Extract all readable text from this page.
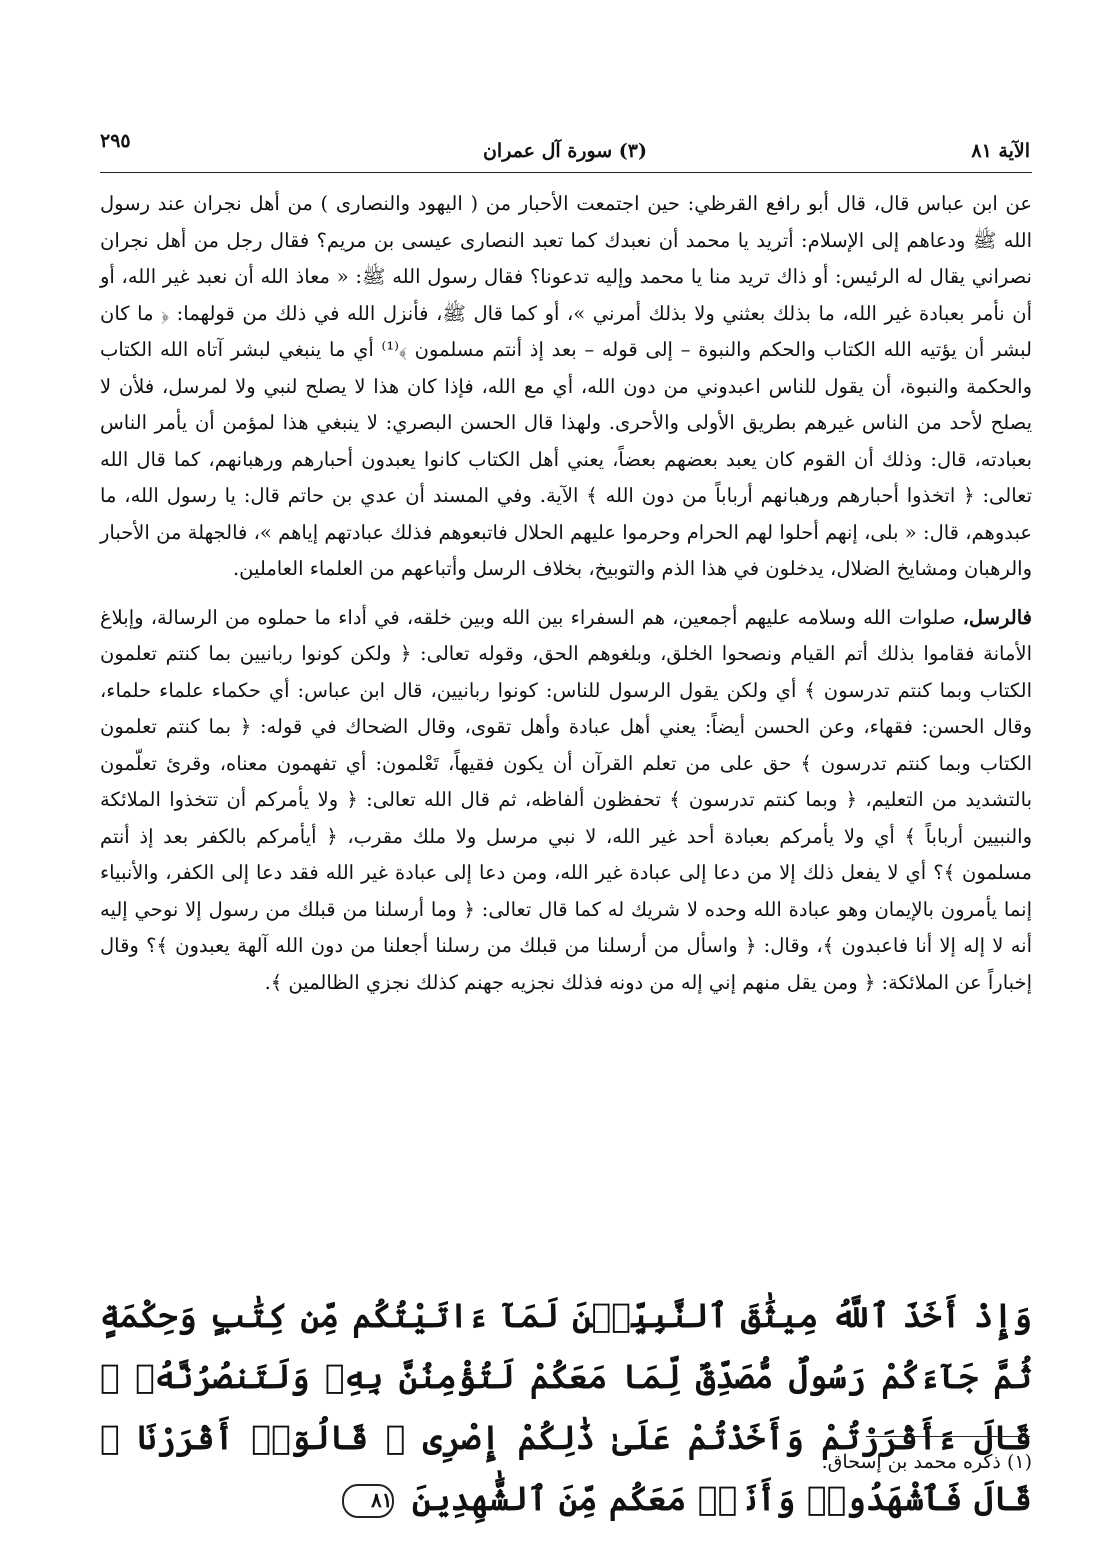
الآية ٨١
(٣) سورة آل عمران
٢٩٥

عن ابن عباس قال، قال أبو رافع القرظي: حين اجتمعت الأحبار من ( اليهود والنصارى ) من أهل نجران عند رسول الله ﷺ ودعاهم إلى الإسلام: أتريد يا محمد أن نعبدك كما تعبد النصارى عيسى بن مريم؟ فقال رجل من أهل نجران نصراني يقال له الرئيس: أو ذاك تريد منا يا محمد وإليه تدعونا؟ فقال رسول الله ﷺ: « معاذ الله أن نعبد غير الله، أو أن نأمر بعبادة غير الله، ما بذلك بعثني ولا بذلك أمرني »، أو كما قال ﷺ، فأنزل الله في ذلك من قولهما: ﴿ ما كان لبشر أن يؤتيه الله الكتاب والحكم والنبوة – إلى قوله – بعد إذ أنتم مسلمون ﴾⁽¹⁾ أي ما ينبغي لبشر آتاه الله الكتاب والحكمة والنبوة، أن يقول للناس اعبدوني من دون الله، أي مع الله، فإذا كان هذا لا يصلح لنبي ولا لمرسل، فلأن لا يصلح لأحد من الناس غيرهم بطريق الأولى والأحرى. ولهذا قال الحسن البصري: لا ينبغي هذا لمؤمن أن يأمر الناس بعبادته، قال: وذلك أن القوم كان يعبد بعضهم بعضاً، يعني أهل الكتاب كانوا يعبدون أحبارهم ورهبانهم، كما قال الله تعالى: ﴿ اتخذوا أحبارهم ورهبانهم أرباباً من دون الله ﴾ الآية. وفي المسند أن عدي بن حاتم قال: يا رسول الله، ما عبدوهم، قال: « بلى، إنهم أحلوا لهم الحرام وحرموا عليهم الحلال فاتبعوهم فذلك عبادتهم إياهم »، فالجهلة من الأحبار والرهبان ومشايخ الضلال، يدخلون في هذا الذم والتوبيخ، بخلاف الرسل وأتباعهم من العلماء العاملين.

فالرسل، صلوات الله وسلامه عليهم أجمعين، هم السفراء بين الله وبين خلقه، في أداء ما حملوه من الرسالة، وإبلاغ الأمانة فقاموا بذلك أتم القيام ونصحوا الخلق، وبلغوهم الحق، وقوله تعالى: ﴿ ولكن كونوا ربانيين بما كنتم تعلمون الكتاب وبما كنتم تدرسون ﴾ أي ولكن يقول الرسول للناس: كونوا ربانيين، قال ابن عباس: أي حكماء علماء حلماء، وقال الحسن: فقهاء، وعن الحسن أيضاً: يعني أهل عبادة وأهل تقوى، وقال الضحاك في قوله: ﴿ بما كنتم تعلمون الكتاب وبما كنتم تدرسون ﴾ حق على من تعلم القرآن أن يكون فقيهاً، تَعْلمون: أي تفهمون معناه، وقرئ تعلّمون بالتشديد من التعليم، ﴿ وبما كنتم تدرسون ﴾ تحفظون ألفاظه، ثم قال الله تعالى: ﴿ ولا يأمركم أن تتخذوا الملائكة والنبيين أرباباً ﴾ أي ولا يأمركم بعبادة أحد غير الله، لا نبي مرسل ولا ملك مقرب، ﴿ أيأمركم بالكفر بعد إذ أنتم مسلمون ﴾؟ أي لا يفعل ذلك إلا من دعا إلى عبادة غير الله، ومن دعا إلى عبادة غير الله فقد دعا إلى الكفر، والأنبياء إنما يأمرون بالإيمان وهو عبادة الله وحده لا شريك له كما قال تعالى: ﴿ وما أرسلنا من قبلك من رسول إلا نوحي إليه أنه لا إله إلا أنا فاعبدون ﴾، وقال: ﴿ واسأل من أرسلنا من قبلك من رسلنا أجعلنا من دون الله آلهة يعبدون ﴾؟ وقال إخباراً عن الملائكة: ﴿ ومن يقل منهم إني إله من دونه فذلك نجزيه جهنم كذلك نجزي الظالمين ﴾.

وَإِذْ أَخَذَ ٱللَّهُ مِيثَٰقَ ٱلنَّبِيِّـۧنَ لَمَآ ءَاتَيْتُكُم مِّن كِتَٰبٍ وَحِكْمَةٍ ثُمَّ جَآءَكُمْ رَسُولٌ مُّصَدِّقٌ لِّمَا مَعَكُمْ لَتُؤْمِنُنَّ بِهِۦ وَلَتَنصُرُنَّهُۥ ۚ قَالَ ءَأَقْرَرْتُمْ وَأَخَذْتُمْ عَلَىٰ ذَٰلِكُمْ إِصْرِى ۖ قَالُوٓا۟ أَقْرَرْنَا ۚ قَالَ فَٱشْهَدُوا۟ وَأَنَا۠ مَعَكُم مِّنَ ٱلشَّٰهِدِينَ ٨١
(١) ذكره محمد بن إسحاق.
